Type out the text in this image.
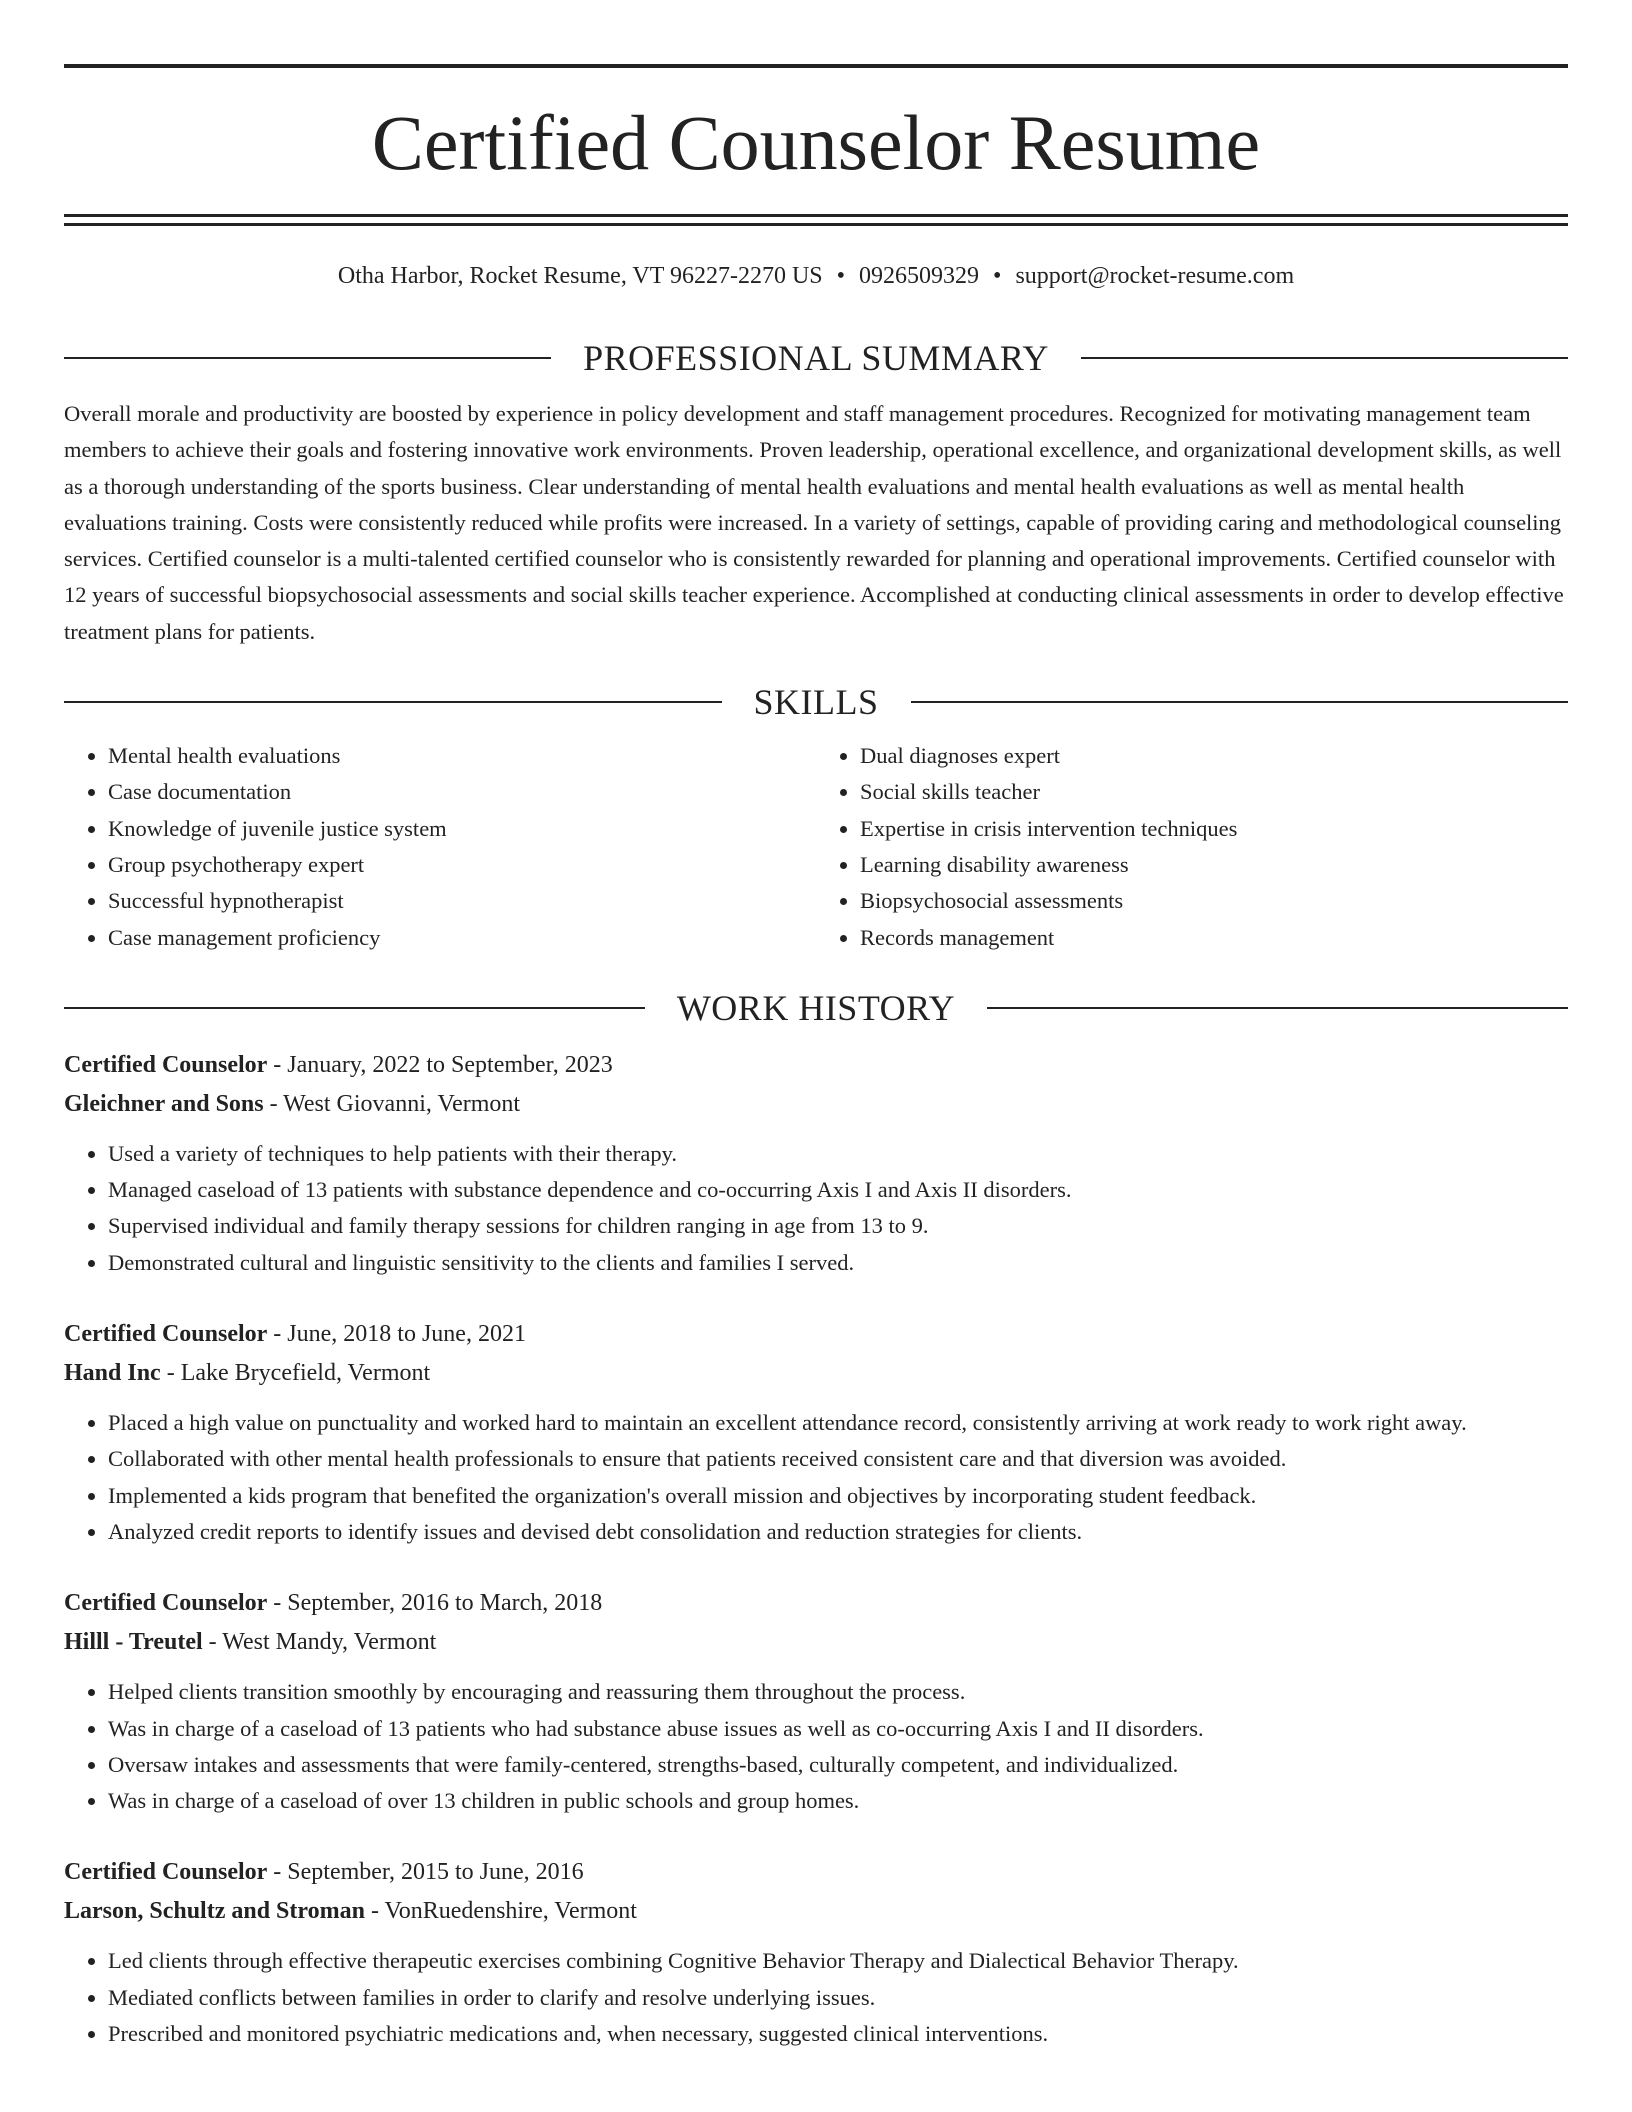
Certified Counselor Resume
Otha Harbor, Rocket Resume, VT 96227-2270 US • 0926509329 • support@rocket-resume.com
PROFESSIONAL SUMMARY

Overall morale and productivity are boosted by experience in policy development and staff management procedures. Recognized for motivating management team members to achieve their goals and fostering innovative work environments. Proven leadership, operational excellence, and organizational development skills, as well as a thorough understanding of the sports business. Clear understanding of mental health evaluations and mental health evaluations as well as mental health evaluations training. Costs were consistently reduced while profits were increased. In a variety of settings, capable of providing caring and methodological counseling services. Certified counselor is a multi-talented certified counselor who is consistently rewarded for planning and operational improvements. Certified counselor with 12 years of successful biopsychosocial assessments and social skills teacher experience. Accomplished at conducting clinical assessments in order to develop effective treatment plans for patients.

SKILLS
• Mental health evaluations
• Case documentation
• Knowledge of juvenile justice system
• Group psychotherapy expert
• Successful hypnotherapist
• Case management proficiency
• Dual diagnoses expert
• Social skills teacher
• Expertise in crisis intervention techniques
• Learning disability awareness
• Biopsychosocial assessments
• Records management
WORK HISTORY
Certified Counselor - January, 2022 to September, 2023
Gleichner and Sons - West Giovanni, Vermont
• Used a variety of techniques to help patients with their therapy.
• Managed caseload of 13 patients with substance dependence and co-occurring Axis I and Axis II disorders.
• Supervised individual and family therapy sessions for children ranging in age from 13 to 9.
• Demonstrated cultural and linguistic sensitivity to the clients and families I served.
Certified Counselor - June, 2018 to June, 2021
Hand Inc - Lake Brycefield, Vermont
• Placed a high value on punctuality and worked hard to maintain an excellent attendance record, consistently arriving at work ready to work right away.
• Collaborated with other mental health professionals to ensure that patients received consistent care and that diversion was avoided.
• Implemented a kids program that benefited the organization's overall mission and objectives by incorporating student feedback.
• Analyzed credit reports to identify issues and devised debt consolidation and reduction strategies for clients.
Certified Counselor - September, 2016 to March, 2018
Hilll - Treutel - West Mandy, Vermont
• Helped clients transition smoothly by encouraging and reassuring them throughout the process.
• Was in charge of a caseload of 13 patients who had substance abuse issues as well as co-occurring Axis I and II disorders.
• Oversaw intakes and assessments that were family-centered, strengths-based, culturally competent, and individualized.
• Was in charge of a caseload of over 13 children in public schools and group homes.
Certified Counselor - September, 2015 to June, 2016
Larson, Schultz and Stroman - VonRuedenshire, Vermont
• Led clients through effective therapeutic exercises combining Cognitive Behavior Therapy and Dialectical Behavior Therapy.
• Mediated conflicts between families in order to clarify and resolve underlying issues.
• Prescribed and monitored psychiatric medications and, when necessary, suggested clinical interventions.
